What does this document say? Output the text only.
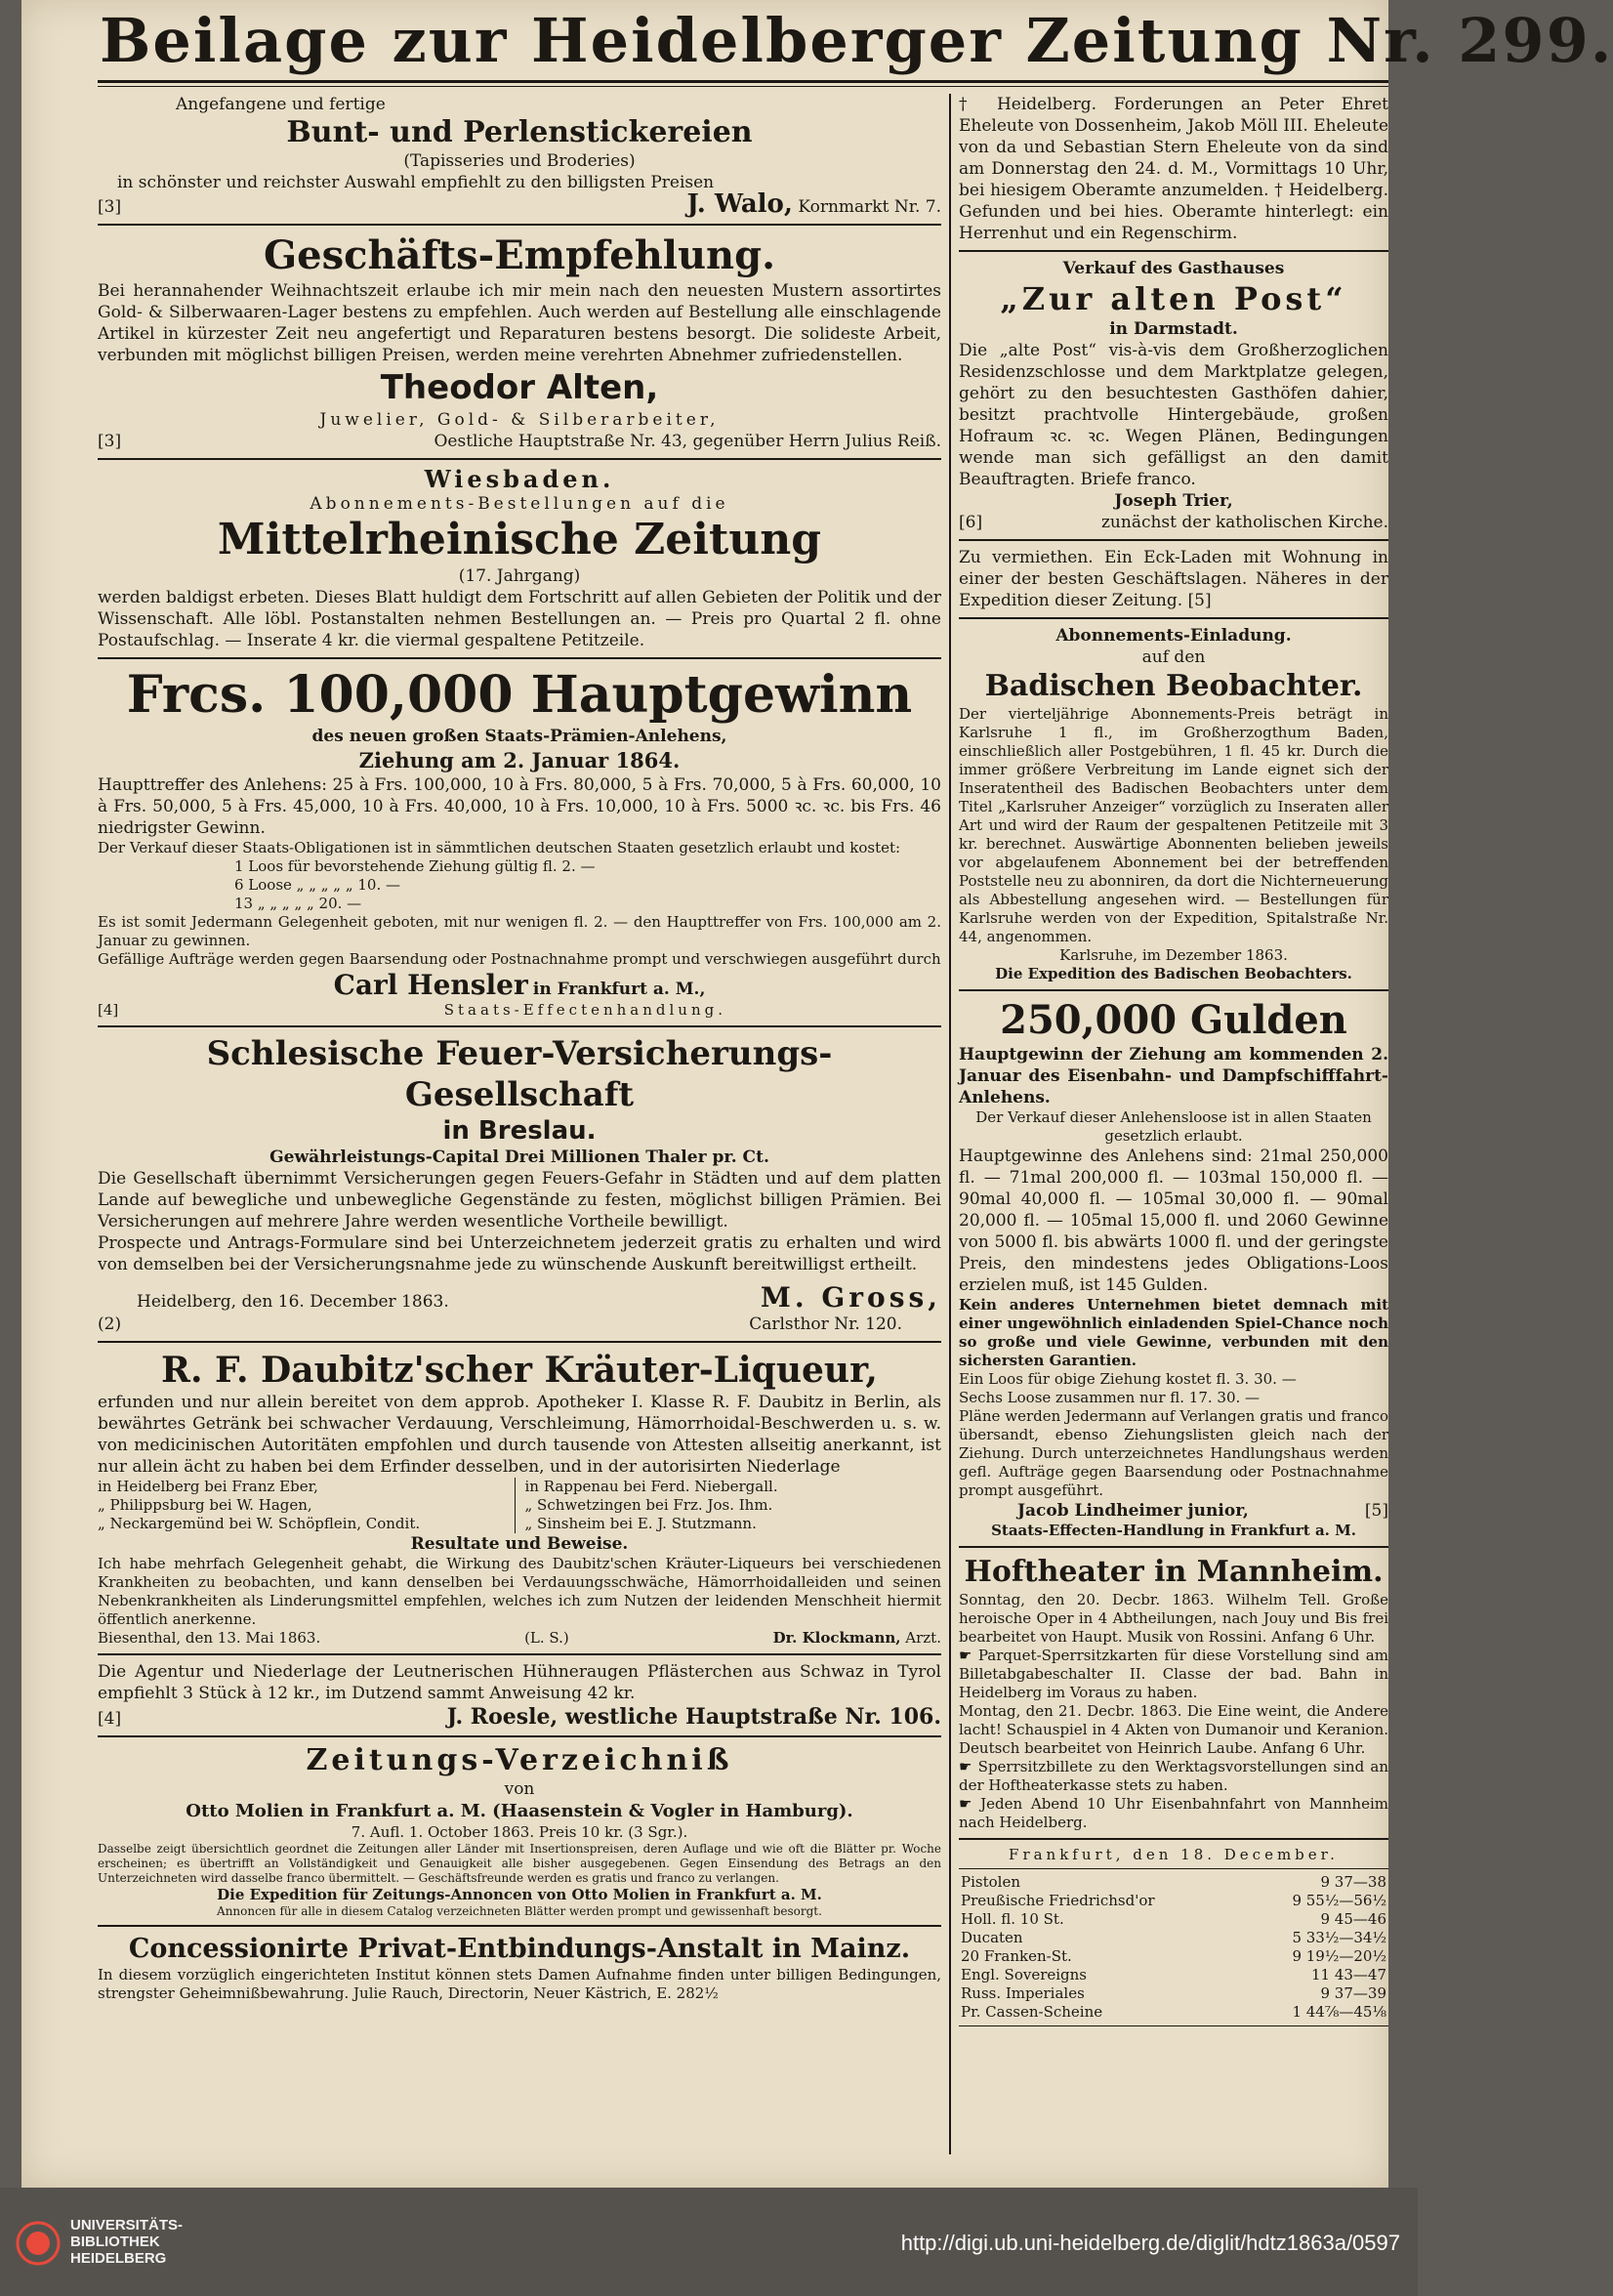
Beilage zur Heidelberger Zeitung Nr. 299.
Angefangene und fertige
Bunt- und Perlenstickereien
(Tapisseries und Broderies)
in schönster und reichster Auswahl empfiehlt zu den billigsten Preisen
[3]	J. Walo, Kornmarkt Nr. 7.
Geschäfts-Empfehlung.
Bei herannahender Weihnachtszeit erlaube ich mir mein nach den neuesten Mustern assortirtes Gold- & Silberwaaren-Lager bestens zu empfehlen. Auch werden auf Bestellung alle einschlagende Artikel in kürzester Zeit neu angefertigt und Reparaturen bestens besorgt. Die solideste Arbeit, verbunden mit möglichst billigen Preisen, werden meine verehrten Abnehmer zufriedenstellen.
Theodor Alten,
Juwelier, Gold- & Silberarbeiter,
[3]	Oestliche Hauptstraße Nr. 43, gegenüber Herrn Julius Reiß.
Wiesbaden.
Abonnements-Bestellungen auf die
Mittelrheinische Zeitung
(17. Jahrgang)
werden baldigst erbeten. Dieses Blatt huldigt dem Fortschritt auf allen Gebieten der Politik und der Wissenschaft. Alle löbl. Postanstalten nehmen Bestellungen an. — Preis pro Quartal 2 fl. ohne Postaufschlag. — Inserate 4 kr. die viermal gespaltene Petitzeile.
Frcs. 100,000 Hauptgewinn
des neuen großen Staats-Prämien-Anlehens,
Ziehung am 2. Januar 1864.
Haupttreffer des Anlehens: 25 à Frs. 100,000, 10 à Frs. 80,000, 5 à Frs. 70,000, 5 à Frs. 60,000, 10 à Frs. 50,000, 5 à Frs. 45,000, 10 à Frs. 40,000, 10 à Frs. 10,000, 10 à Frs. 5000 ꝛc. ꝛc. bis Frs. 46 niedrigster Gewinn.
Der Verkauf dieser Staats-Obligationen ist in sämmtlichen deutschen Staaten gesetzlich erlaubt und kostet:
1 Loos für bevorstehende Ziehung gültig fl. 2. —
6 Loose „ „ „ „ „ 10. —
13 „ „ „ „ „ 20. —
Es ist somit Jedermann Gelegenheit geboten, mit nur wenigen fl. 2. — den Haupttreffer von Frs. 100,000 am 2. Januar zu gewinnen.
Gefällige Aufträge werden gegen Baarsendung oder Postnachnahme prompt und verschwiegen ausgeführt durch
Carl Hensler in Frankfurt a. M.,
[4]	Staats-Effectenhandlung.
Schlesische Feuer-Versicherungs-Gesellschaft
in Breslau.
Gewährleistungs-Capital Drei Millionen Thaler pr. Ct.
Die Gesellschaft übernimmt Versicherungen gegen Feuers-Gefahr in Städten und auf dem platten Lande auf bewegliche und unbewegliche Gegenstände zu festen, möglichst billigen Prämien. Bei Versicherungen auf mehrere Jahre werden wesentliche Vortheile bewilligt.
Prospecte und Antrags-Formulare sind bei Unterzeichnetem jederzeit gratis zu erhalten und wird von demselben bei der Versicherungsnahme jede zu wünschende Auskunft bereitwilligst ertheilt.
Heidelberg, den 16. December 1863.	M. Gross,
(2)	Carlsthor Nr. 120.
R. F. Daubitz'scher Kräuter-Liqueur,
erfunden und nur allein bereitet von dem approb. Apotheker I. Klasse R. F. Daubitz in Berlin, als bewährtes Getränk bei schwacher Verdauung, Verschleimung, Hämorrhoidal-Beschwerden u. s. w. von medicinischen Autoritäten empfohlen und durch tausende von Attesten allseitig anerkannt, ist nur allein ächt zu haben bei dem Erfinder desselben, und in der autorisirten Niederlage
in Heidelberg bei Franz Eber,
„ Philippsburg bei W. Hagen,
„ Neckargemünd bei W. Schöpflein, Condit.
in Rappenau bei Ferd. Niebergall.
„ Schwetzingen bei Frz. Jos. Ihm.
„ Sinsheim bei E. J. Stutzmann.
Resultate und Beweise.
Ich habe mehrfach Gelegenheit gehabt, die Wirkung des Daubitz'schen Kräuter-Liqueurs bei verschiedenen Krankheiten zu beobachten, und kann denselben bei Verdauungsschwäche, Hämorrhoidalleiden und seinen Nebenkrankheiten als Linderungsmittel empfehlen, welches ich zum Nutzen der leidenden Menschheit hiermit öffentlich anerkenne.
Biesenthal, den 13. Mai 1863.	(L. S.)	Dr. Klockmann, Arzt.
Die Agentur und Niederlage der Leutnerischen Hühneraugen Pflästerchen aus Schwaz in Tyrol empfiehlt 3 Stück à 12 kr., im Dutzend sammt Anweisung 42 kr.
[4]	J. Roesle, westliche Hauptstraße Nr. 106.
Zeitungs-Verzeichniß
von
Otto Molien in Frankfurt a. M. (Haasenstein & Vogler in Hamburg).
7. Aufl. 1. October 1863. Preis 10 kr. (3 Sgr.).
Dasselbe zeigt übersichtlich geordnet die Zeitungen aller Länder mit Insertionspreisen, deren Auflage und wie oft die Blätter pr. Woche erscheinen; es übertrifft an Vollständigkeit und Genauigkeit alle bisher ausgegebenen. Gegen Einsendung des Betrags an den Unterzeichneten wird dasselbe franco übermittelt. — Geschäftsfreunde werden es gratis und franco zu verlangen.
Die Expedition für Zeitungs-Annoncen von Otto Molien in Frankfurt a. M.
Annoncen für alle in diesem Catalog verzeichneten Blätter werden prompt und gewissenhaft besorgt.
Concessionirte Privat-Entbindungs-Anstalt in Mainz.
In diesem vorzüglich eingerichteten Institut können stets Damen Aufnahme finden unter billigen Bedingungen, strengster Geheimnißbewahrung. Julie Rauch, Directorin, Neuer Kästrich, E. 282½
† Heidelberg. Forderungen an Peter Ehret Eheleute von Dossenheim, Jakob Möll III. Eheleute von da und Sebastian Stern Eheleute von da sind am Donnerstag den 24. d. M., Vormittags 10 Uhr, bei hiesigem Oberamte anzumelden. † Heidelberg. Gefunden und bei hies. Oberamte hinterlegt: ein Herrenhut und ein Regenschirm.
Verkauf des Gasthauses
„Zur alten Post“
in Darmstadt.
Die „alte Post“ vis-à-vis dem Großherzoglichen Residenzschlosse und dem Marktplatze gelegen, gehört zu den besuchtesten Gasthöfen dahier, besitzt prachtvolle Hintergebäude, großen Hofraum ꝛc. ꝛc. Wegen Plänen, Bedingungen wende man sich gefälligst an den damit Beauftragten. Briefe franco.
Joseph Trier,
[6]	zunächst der katholischen Kirche.
Zu vermiethen. Ein Eck-Laden mit Wohnung in einer der besten Geschäftslagen. Näheres in der Expedition dieser Zeitung. [5]
Abonnements-Einladung.
auf den
Badischen Beobachter.
Der vierteljährige Abonnements-Preis beträgt in Karlsruhe 1 fl., im Großherzogthum Baden, einschließlich aller Postgebühren, 1 fl. 45 kr. Durch die immer größere Verbreitung im Lande eignet sich der Inseratentheil des Badischen Beobachters unter dem Titel „Karlsruher Anzeiger“ vorzüglich zu Inseraten aller Art und wird der Raum der gespaltenen Petitzeile mit 3 kr. berechnet. Auswärtige Abonnenten belieben jeweils vor abgelaufenem Abonnement bei der betreffenden Poststelle neu zu abonniren, da dort die Nichterneuerung als Abbestellung angesehen wird. — Bestellungen für Karlsruhe werden von der Expedition, Spitalstraße Nr. 44, angenommen.
Karlsruhe, im Dezember 1863.
Die Expedition des Badischen Beobachters.
250,000 Gulden
Hauptgewinn der Ziehung am kommenden 2. Januar des Eisenbahn- und Dampfschifffahrt-Anlehens.
Der Verkauf dieser Anlehensloose ist in allen Staaten gesetzlich erlaubt.
Hauptgewinne des Anlehens sind: 21mal 250,000 fl. — 71mal 200,000 fl. — 103mal 150,000 fl. — 90mal 40,000 fl. — 105mal 30,000 fl. — 90mal 20,000 fl. — 105mal 15,000 fl. und 2060 Gewinne von 5000 fl. bis abwärts 1000 fl. und der geringste Preis, den mindestens jedes Obligations-Loos erzielen muß, ist 145 Gulden.
Kein anderes Unternehmen bietet demnach mit einer ungewöhnlich einladenden Spiel-Chance noch so große und viele Gewinne, verbunden mit den sichersten Garantien.
Ein Loos für obige Ziehung kostet fl. 3. 30. —
Sechs Loose zusammen nur fl. 17. 30. —
Pläne werden Jedermann auf Verlangen gratis und franco übersandt, ebenso Ziehungslisten gleich nach der Ziehung. Durch unterzeichnetes Handlungshaus werden gefl. Aufträge gegen Baarsendung oder Postnachnahme prompt ausgeführt.
Jacob Lindheimer junior,	[5]
Staats-Effecten-Handlung in Frankfurt a. M.
Hoftheater in Mannheim.
Sonntag, den 20. Decbr. 1863. Wilhelm Tell. Große heroische Oper in 4 Abtheilungen, nach Jouy und Bis frei bearbeitet von Haupt. Musik von Rossini. Anfang 6 Uhr.
☛ Parquet-Sperrsitzkarten für diese Vorstellung sind am Billetabgabeschalter II. Classe der bad. Bahn in Heidelberg im Voraus zu haben.
Montag, den 21. Decbr. 1863. Die Eine weint, die Andere lacht! Schauspiel in 4 Akten von Dumanoir und Keranion. Deutsch bearbeitet von Heinrich Laube. Anfang 6 Uhr.
☛ Sperrsitzbillete zu den Werktagsvorstellungen sind an der Hoftheaterkasse stets zu haben.
☛ Jeden Abend 10 Uhr Eisenbahnfahrt von Mannheim nach Heidelberg.
Frankfurt, den 18. December.
Pistolen	9 37—38
Preußische Friedrichsd'or	9 55½—56½
Holl. fl. 10 St.	9 45—46
Ducaten	5 33½—34½
20 Franken-St.	9 19½—20½
Engl. Sovereigns	11 43—47
Russ. Imperiales	9 37—39
Pr. Cassen-Scheine	1 44⅞—45⅛
UNIVERSITÄTS-
BIBLIOTHEK
HEIDELBERG
http://digi.ub.uni-heidelberg.de/diglit/hdtz1863a/0597
